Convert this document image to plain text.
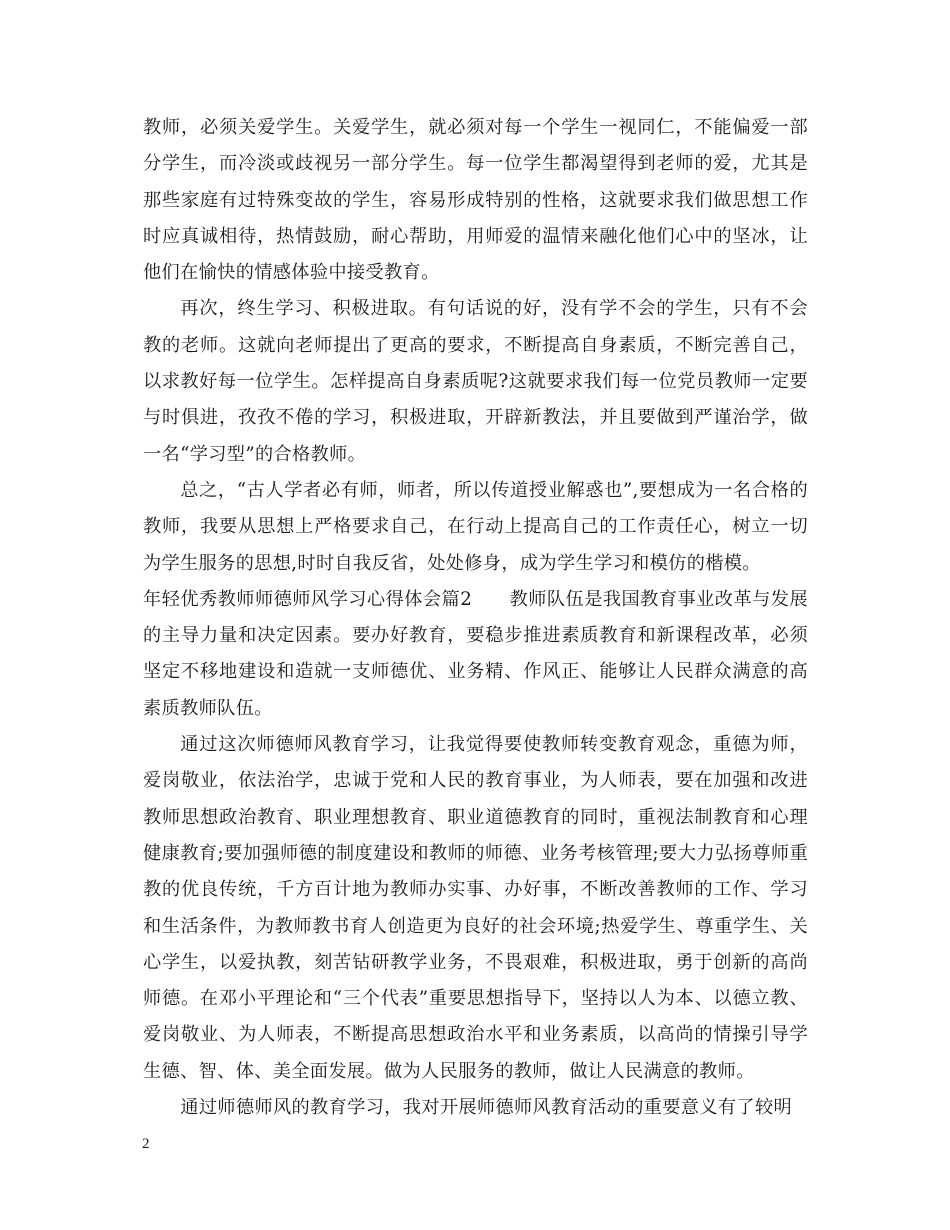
教师，必须关爱学生。关爱学生，就必须对每一个学生一视同仁，不能偏爱一部分学生，而冷淡或歧视另一部分学生。每一位学生都渴望得到老师的爱，尤其是那些家庭有过特殊变故的学生，容易形成特别的性格，这就要求我们做思想工作时应真诚相待，热情鼓励，耐心帮助，用师爱的温情来融化他们心中的坚冰，让他们在愉快的情感体验中接受教育。

再次，终生学习、积极进取。有句话说的好，没有学不会的学生，只有不会教的老师。这就向老师提出了更高的要求，不断提高自身素质，不断完善自己，以求教好每一位学生。怎样提高自身素质呢?这就要求我们每一位党员教师一定要与时俱进，孜孜不倦的学习，积极进取，开辟新教法，并且要做到严谨治学，做一名“学习型”的合格教师。

总之，“古人学者必有师，师者，所以传道授业解惑也”,要想成为一名合格的教师，我要从思想上严格要求自己，在行动上提高自己的工作责任心，树立一切为学生服务的思想,时时自我反省，处处修身，成为学生学习和模仿的楷模。

年轻优秀教师师德师风学习心得体会篇2　　教师队伍是我国教育事业改革与发展的主导力量和决定因素。要办好教育，要稳步推进素质教育和新课程改革，必须坚定不移地建设和造就一支师德优、业务精、作风正、能够让人民群众满意的高素质教师队伍。

通过这次师德师风教育学习，让我觉得要使教师转变教育观念，重德为师，爱岗敬业，依法治学，忠诚于党和人民的教育事业，为人师表，要在加强和改进教师思想政治教育、职业理想教育、职业道德教育的同时，重视法制教育和心理健康教育;要加强师德的制度建设和教师的师德、业务考核管理;要大力弘扬尊师重教的优良传统，千方百计地为教师办实事、办好事，不断改善教师的工作、学习和生活条件，为教师教书育人创造更为良好的社会环境;热爱学生、尊重学生、关心学生，以爱执教，刻苦钻研教学业务，不畏艰难，积极进取，勇于创新的高尚师德。在邓小平理论和“三个代表”重要思想指导下，坚持以人为本、以德立教、爱岗敬业、为人师表，不断提高思想政治水平和业务素质，以高尚的情操引导学生德、智、体、美全面发展。做为人民服务的教师，做让人民满意的教师。

通过师德师风的教育学习，我对开展师德师风教育活动的重要意义有了较明

2
